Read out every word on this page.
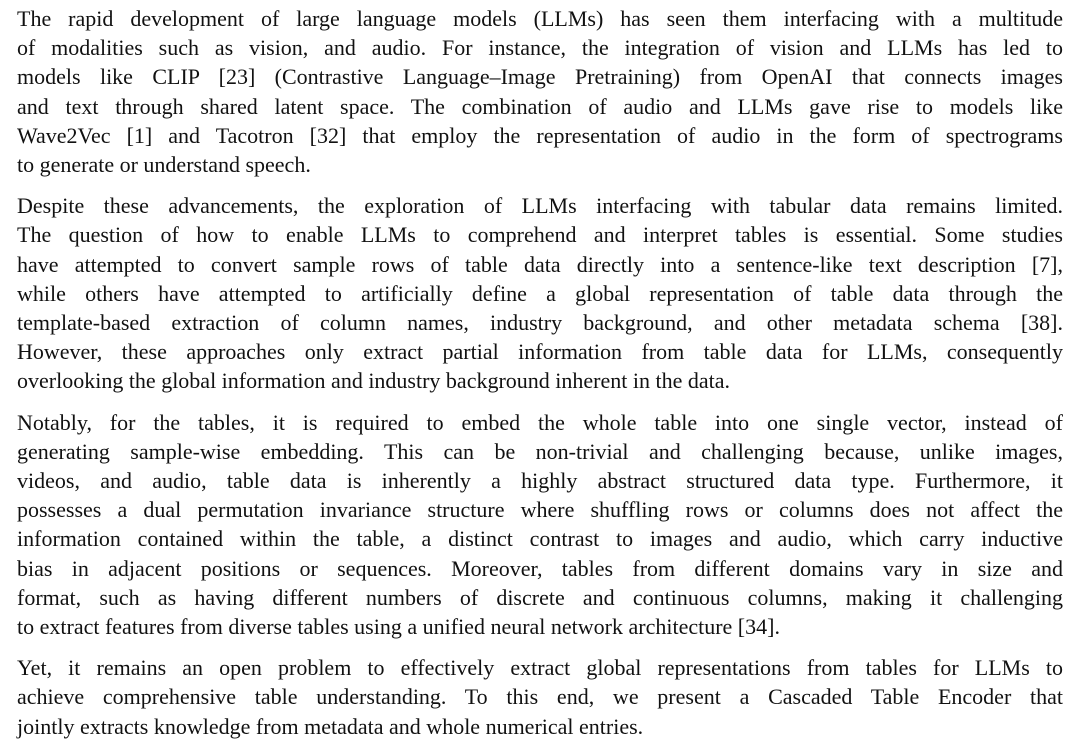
The rapid development of large language models (LLMs) has seen them interfacing with a multitude
of modalities such as vision, and audio. For instance, the integration of vision and LLMs has led to
models like CLIP [23] (Contrastive Language–Image Pretraining) from OpenAI that connects images
and text through shared latent space. The combination of audio and LLMs gave rise to models like
Wave2Vec [1] and Tacotron [32] that employ the representation of audio in the form of spectrograms
to generate or understand speech.
Despite these advancements, the exploration of LLMs interfacing with tabular data remains limited.
The question of how to enable LLMs to comprehend and interpret tables is essential. Some studies
have attempted to convert sample rows of table data directly into a sentence-like text description [7],
while others have attempted to artificially define a global representation of table data through the
template-based extraction of column names, industry background, and other metadata schema [38].
However, these approaches only extract partial information from table data for LLMs, consequently
overlooking the global information and industry background inherent in the data.
Notably, for the tables, it is required to embed the whole table into one single vector, instead of
generating sample-wise embedding. This can be non-trivial and challenging because, unlike images,
videos, and audio, table data is inherently a highly abstract structured data type. Furthermore, it
possesses a dual permutation invariance structure where shuffling rows or columns does not affect the
information contained within the table, a distinct contrast to images and audio, which carry inductive
bias in adjacent positions or sequences. Moreover, tables from different domains vary in size and
format, such as having different numbers of discrete and continuous columns, making it challenging
to extract features from diverse tables using a unified neural network architecture [34].
Yet, it remains an open problem to effectively extract global representations from tables for LLMs to
achieve comprehensive table understanding. To this end, we present a Cascaded Table Encoder that
jointly extracts knowledge from metadata and whole numerical entries.
